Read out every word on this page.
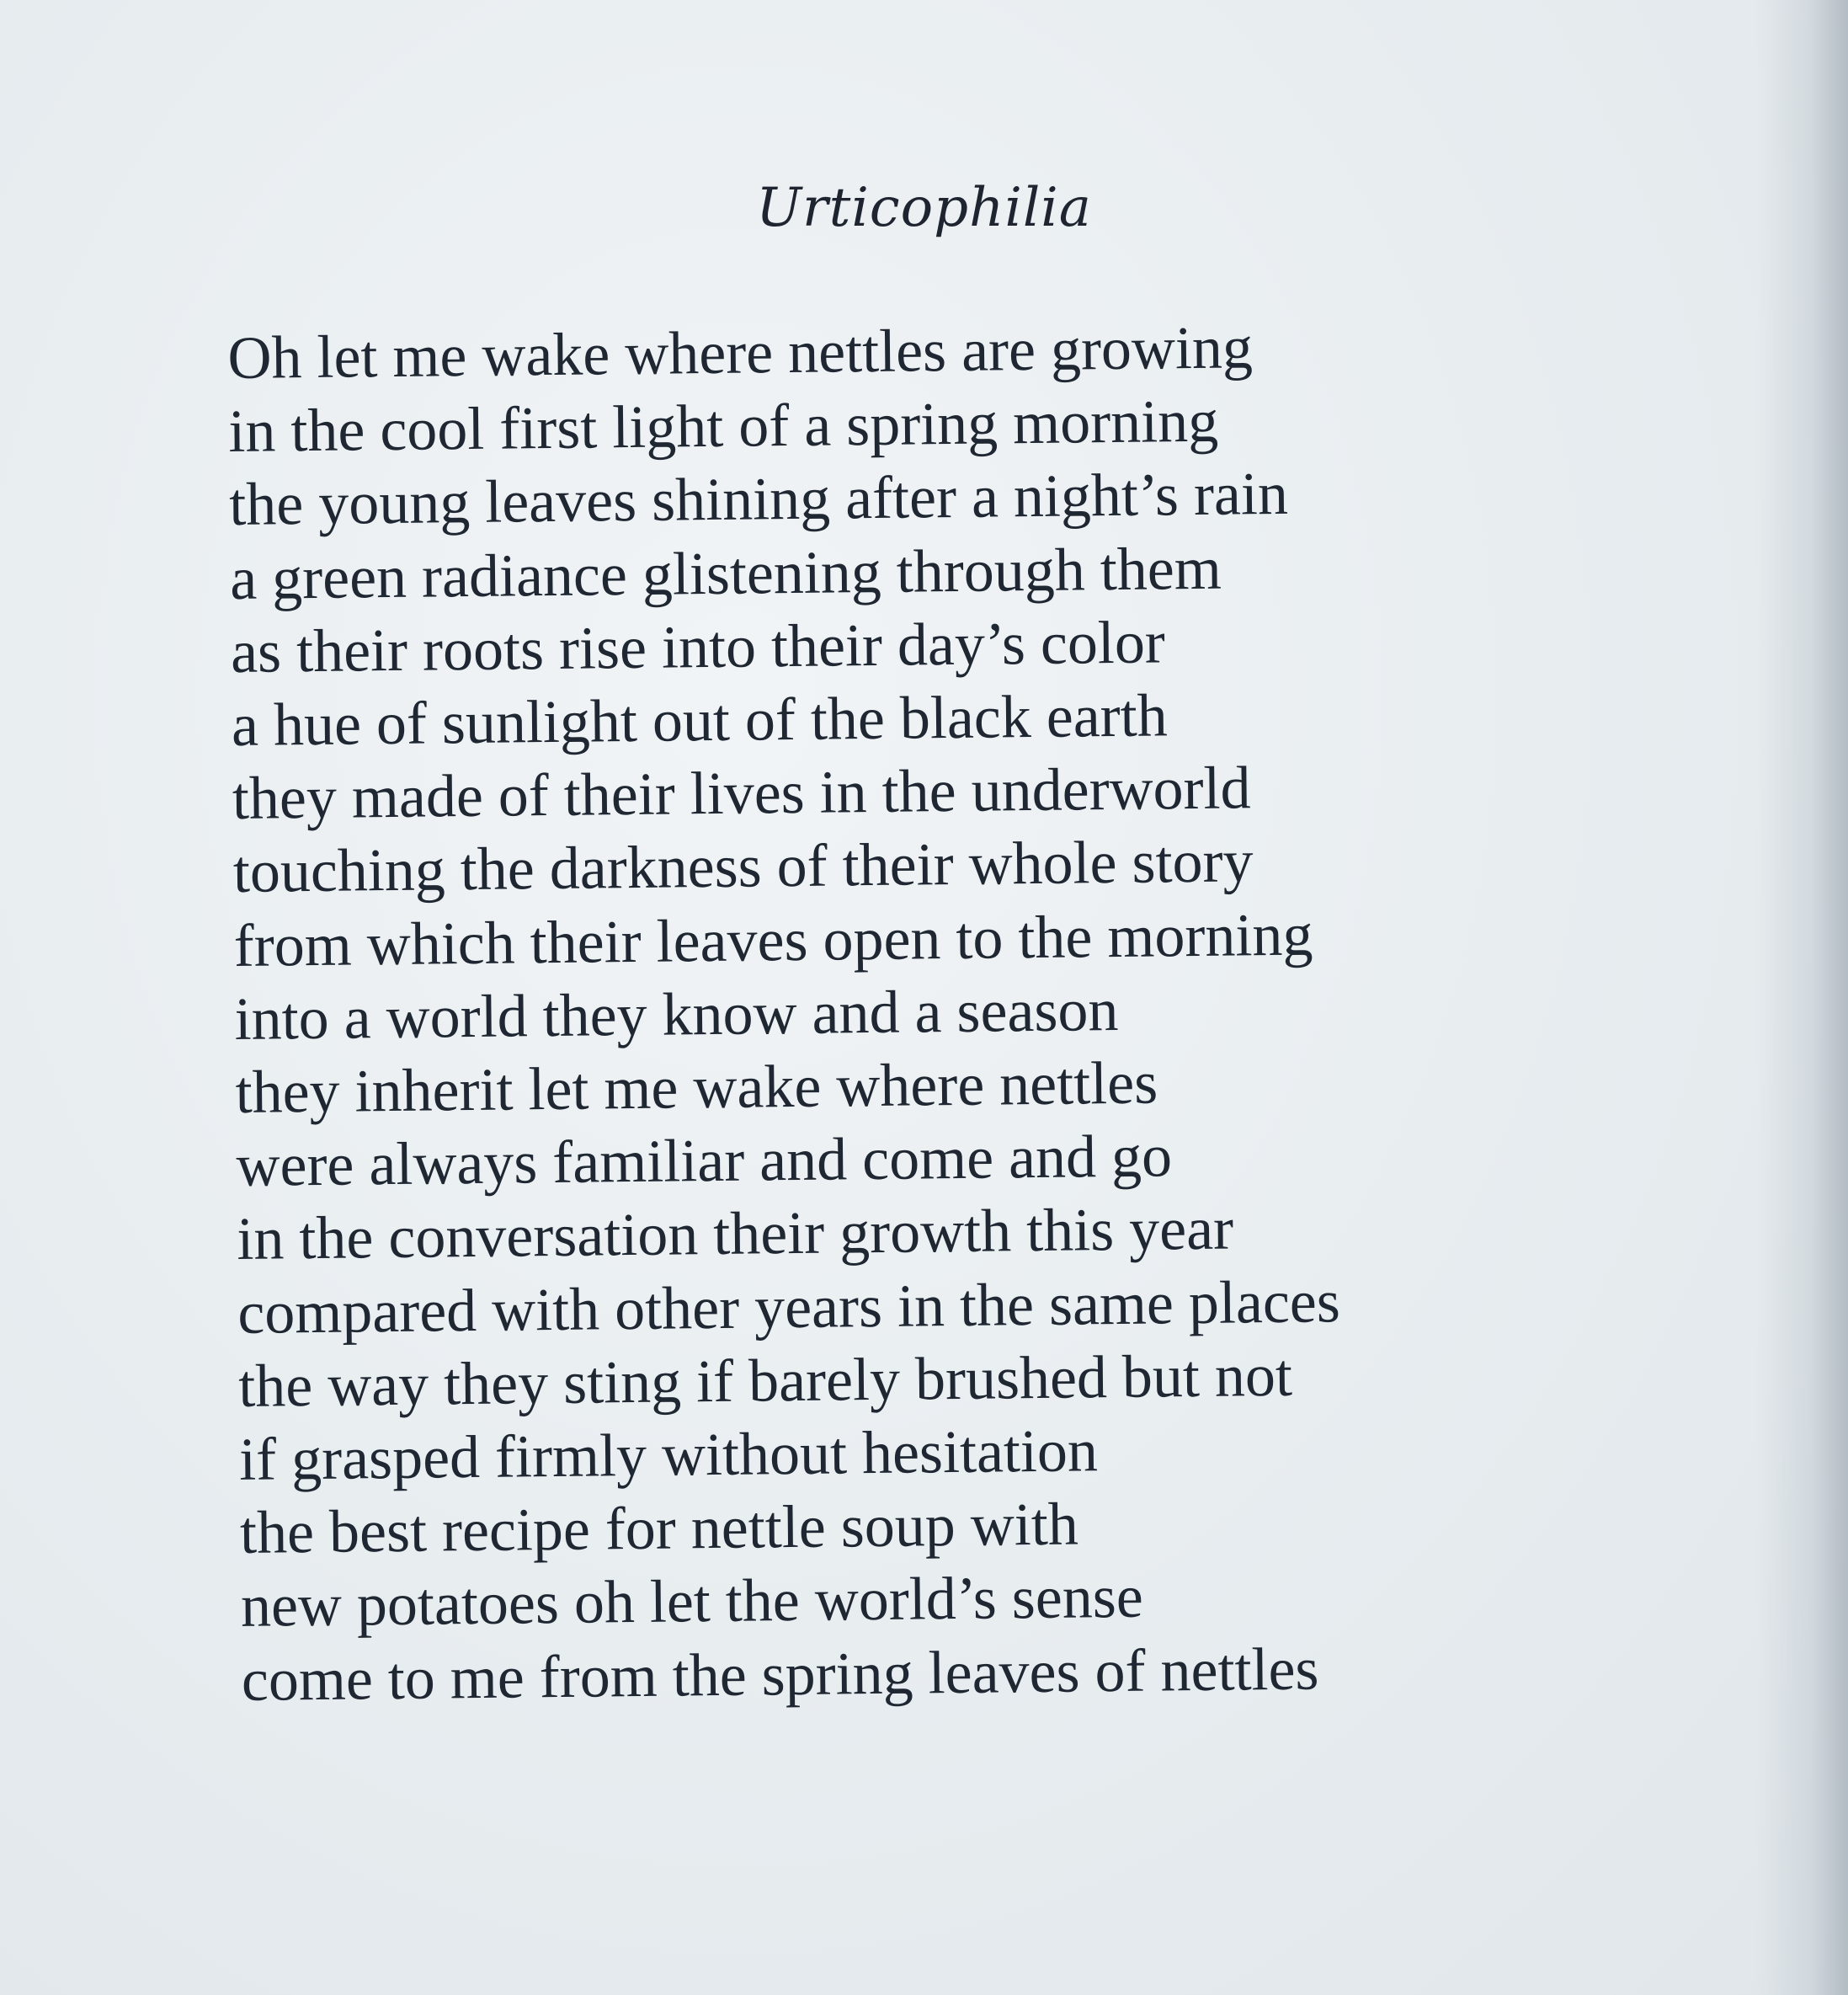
Urticophilia
Oh let me wake where nettles are growing
in the cool first light of a spring morning
the young leaves shining after a night’s rain
a green radiance glistening through them
as their roots rise into their day’s color
a hue of sunlight out of the black earth
they made of their lives in the underworld
touching the darkness of their whole story
from which their leaves open to the morning
into a world they know and a season
they inherit let me wake where nettles
were always familiar and come and go
in the conversation their growth this year
compared with other years in the same places
the way they sting if barely brushed but not
if grasped firmly without hesitation
the best recipe for nettle soup with
new potatoes oh let the world’s sense
come to me from the spring leaves of nettles
